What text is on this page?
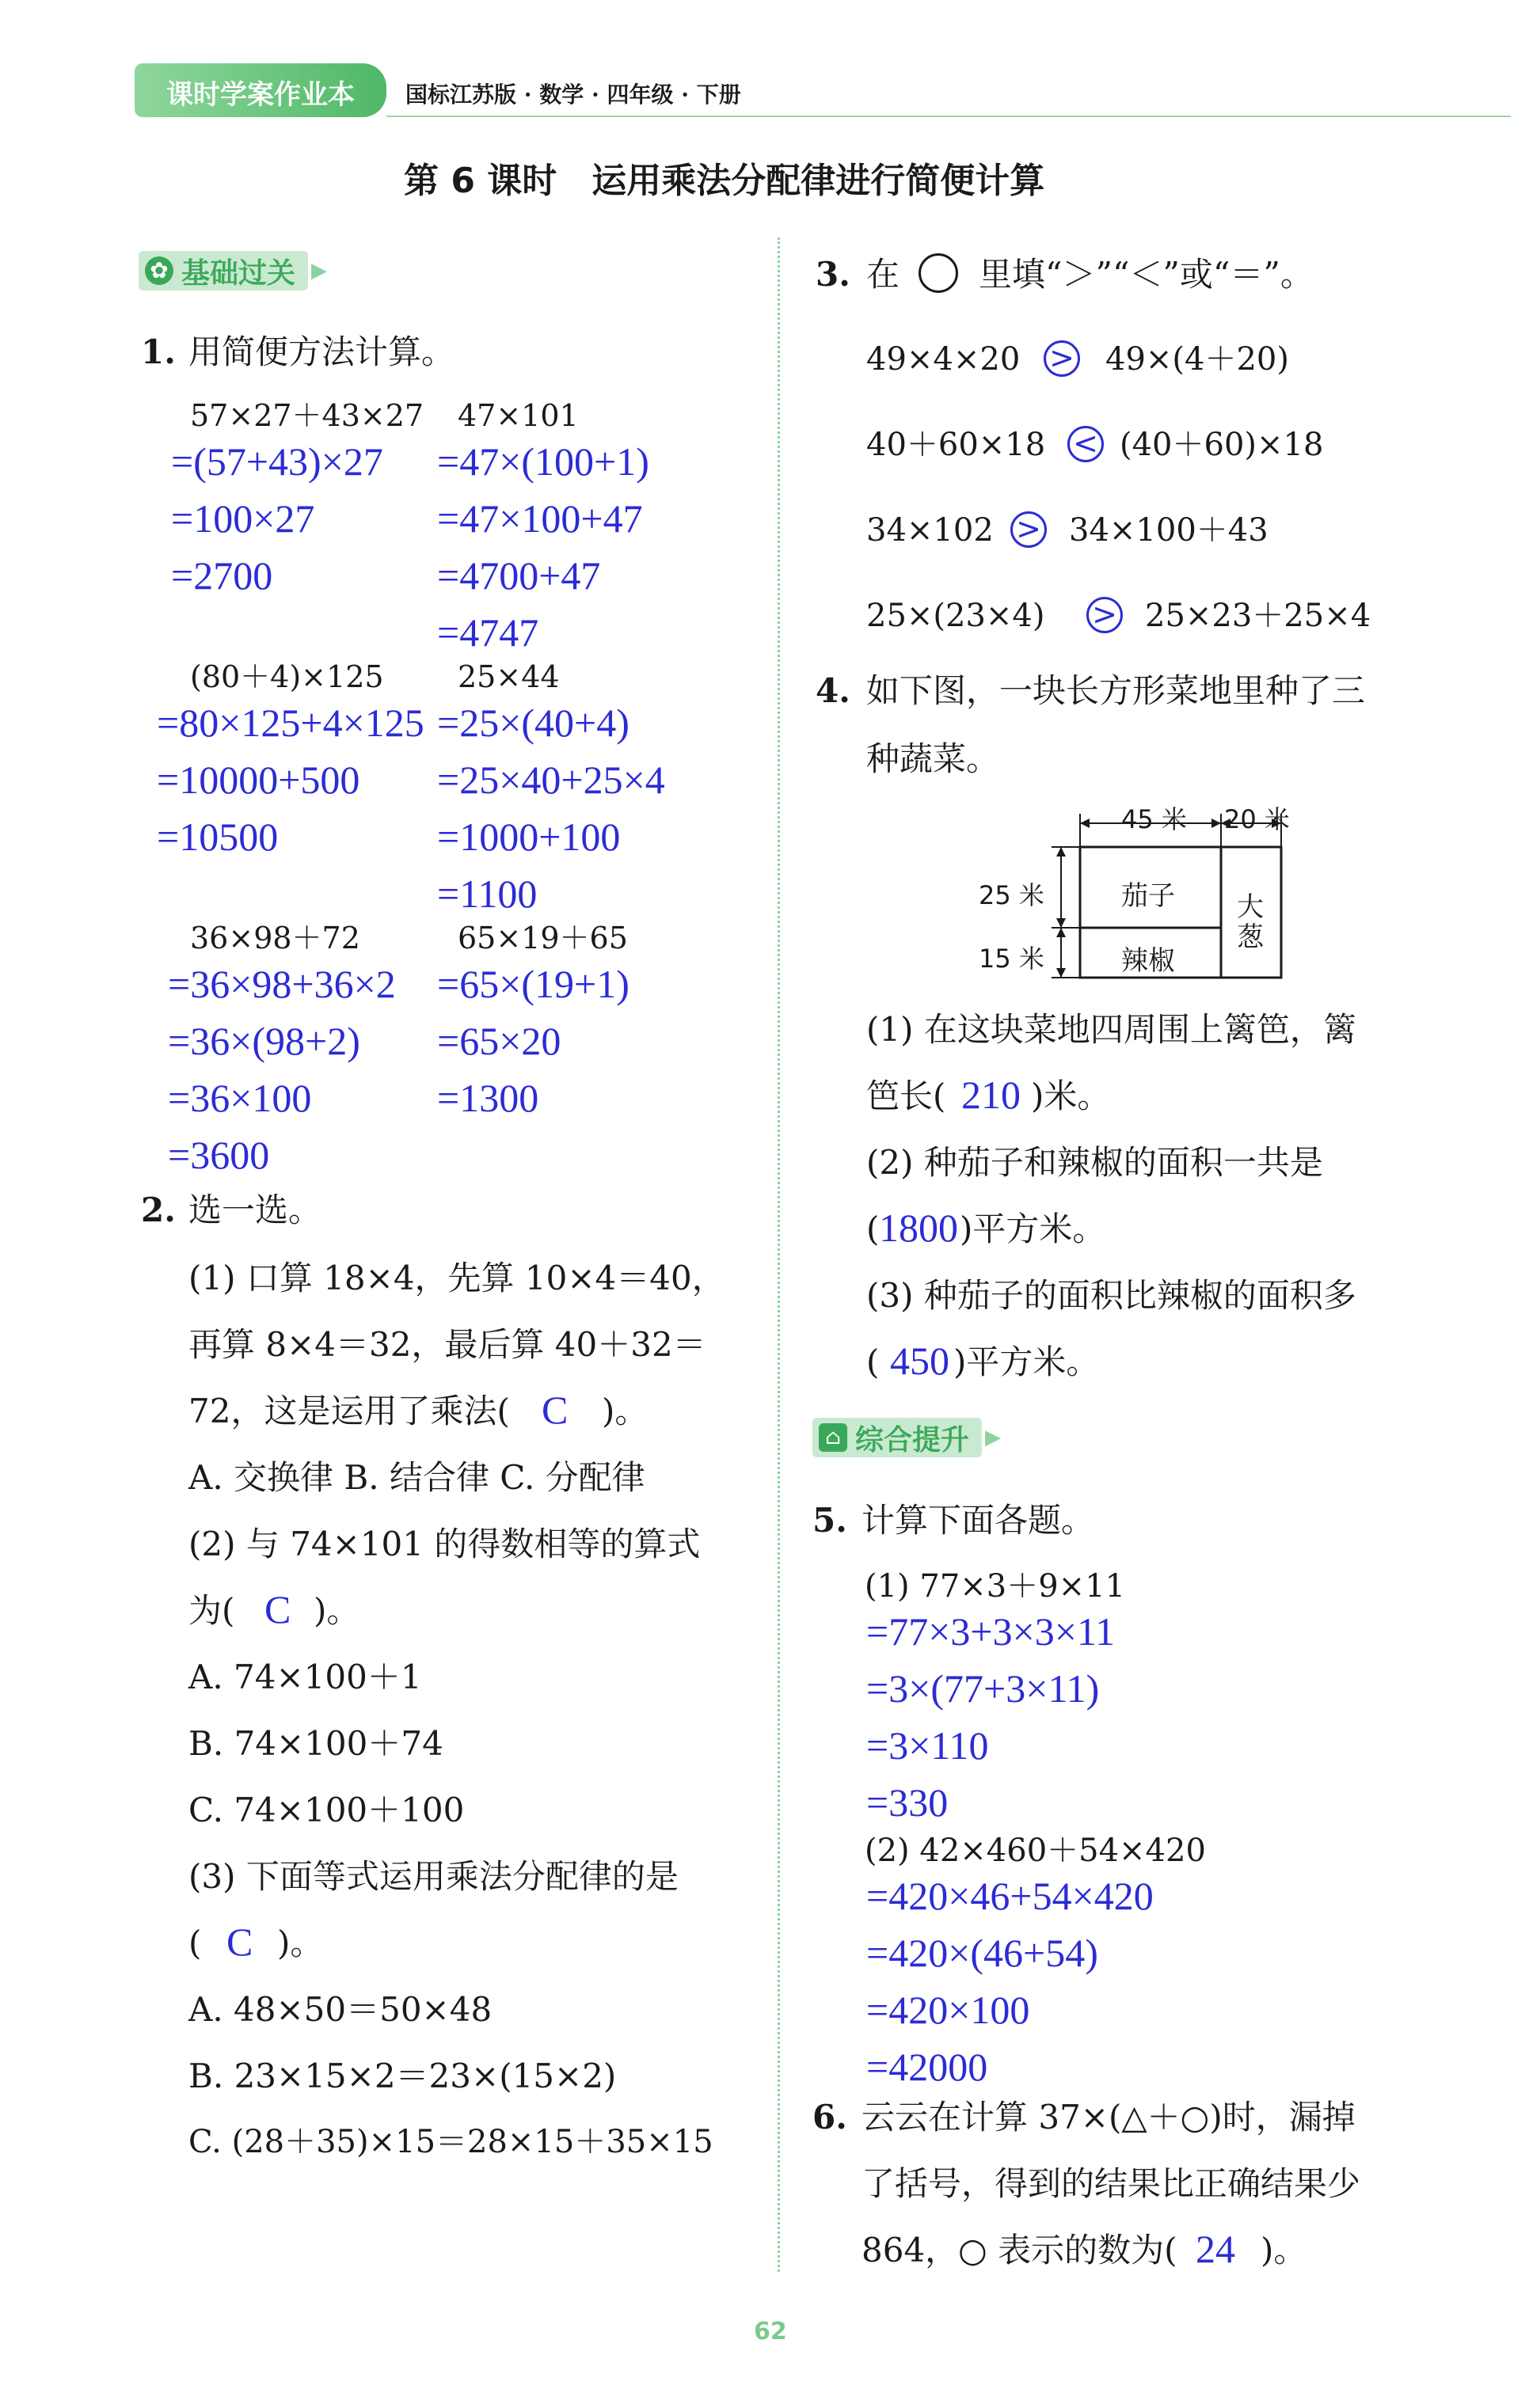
课时学案作业本 国标江苏版 · 数学 · 四年级 · 下册
第 6 课时　运用乘法分配律进行简便计算
✿ 基础过关 ▶
1. 用简便方法计算。
57×27＋43×27
=(57+43)×27
=100×27
=2700
47×101
=47×(100+1)
=47×100+47
=4700+47
=4747
(80＋4)×125
=80×125+4×125
=10000+500
=10500
25×44
=25×(40+4)
=25×40+25×4
=1000+100
=1100
36×98＋72
=36×98+36×2
=36×(98+2)
=36×100
=3600
65×19＋65
=65×(19+1)
=65×20
=1300
2. 选一选。
(1) 口算 18×4，先算 10×4＝40，
再算 8×4＝32，最后算 40＋32＝
72，这是运用了乘法( C )。
A. 交换律 B. 结合律 C. 分配律
(2) 与 74×101 的得数相等的算式
为( C )。
A. 74×100＋1
B. 74×100＋74
C. 74×100＋100
(3) 下面等式运用乘法分配律的是
( C )。
A. 48×50＝50×48
B. 23×15×2＝23×(15×2)
C. (28＋35)×15＝28×15＋35×15
3. 在 里填“＞”“＜”或“＝”。
49×4×20 > 49×(4＋20)
40＋60×18 < (40＋60)×18
34×102 > 34×100＋43
25×(23×4) > 25×23＋25×4
4. 如下图，一块长方形菜地里种了三
种蔬菜。
45 米 20 米
25 米
15 米
茄子
辣椒
大
葱
(1) 在这块菜地四周围上篱笆，篱
笆长( 210 )米。
(2) 种茄子和辣椒的面积一共是
( 1800 )平方米。
(3) 种茄子的面积比辣椒的面积多
( 450 )平方米。
⌂ 综合提升 ▶
5. 计算下面各题。
(1) 77×3＋9×11
=77×3+3×3×11
=3×(77+3×11)
=3×110
=330
(2) 42×460＋54×420
=420×46+54×420
=420×(46+54)
=420×100
=42000
6. 云云在计算 37×(△＋○)时，漏掉
了括号，得到的结果比正确结果少
864，○ 表示的数为( 24 )。
62
